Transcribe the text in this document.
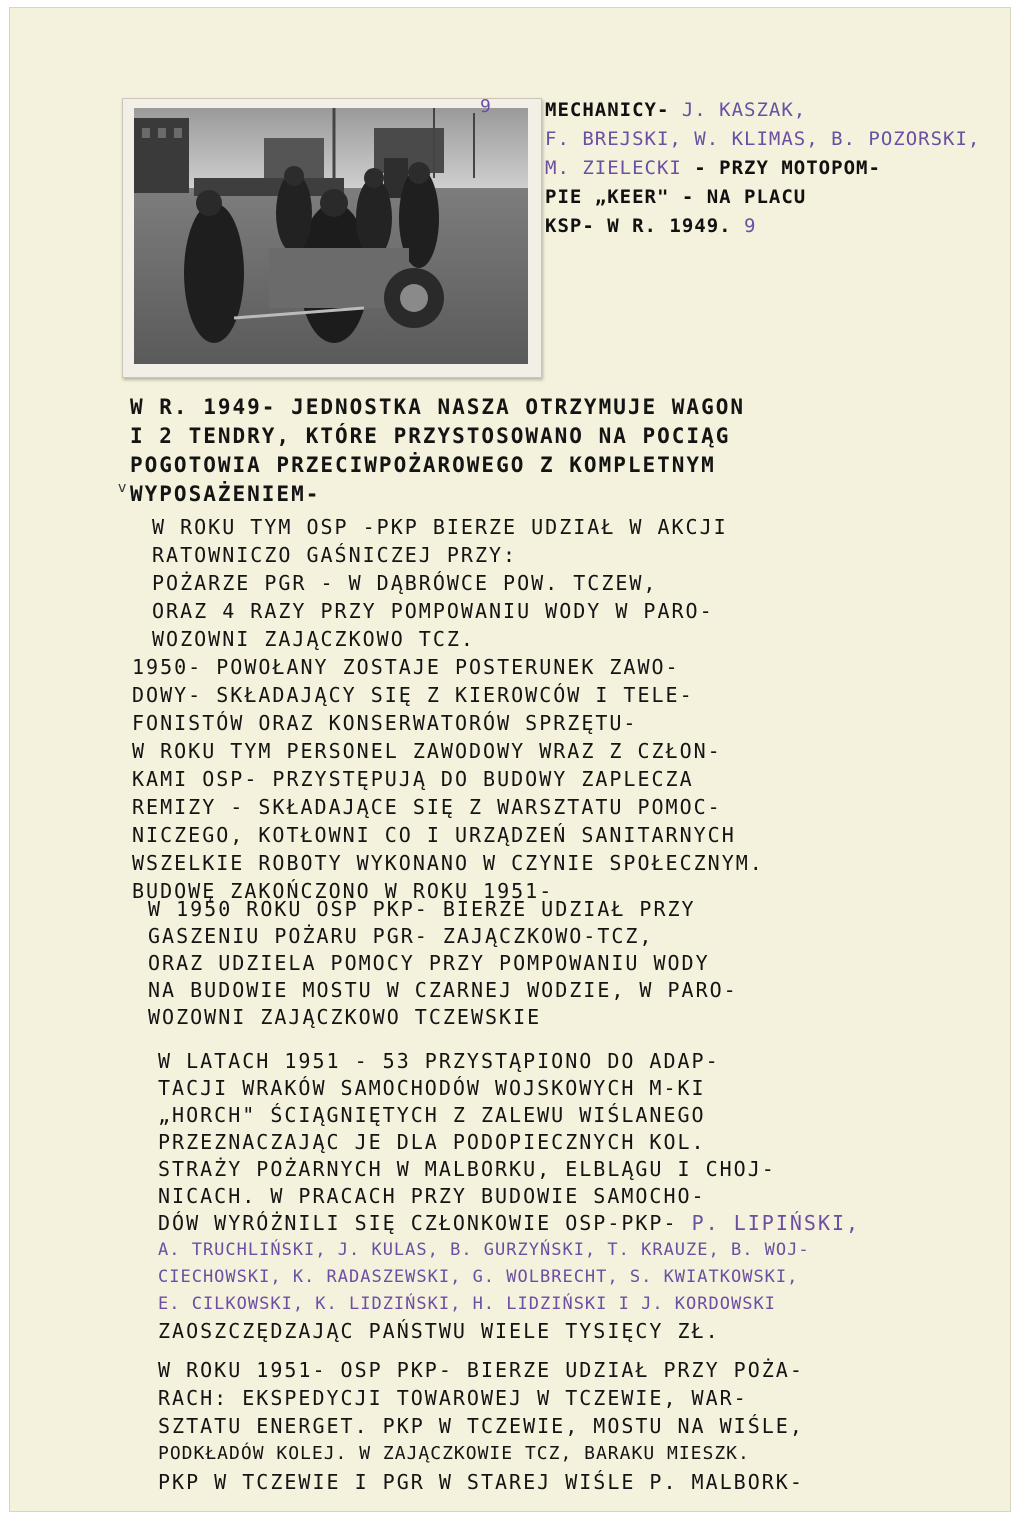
9	MECHANICY- J. KASZAK,
F. BREJSKI, W. KLIMAS, B. POZORSKI,
M. ZIELECKI - PRZY MOTOPOM-
PIE „KEER" - NA PLACU
KSP- W R. 1949. 9
v
W R. 1949- JEDNOSTKA NASZA OTRZYMUJE WAGON
I 2 TENDRY, KTÓRE PRZYSTOSOWANO NA POCIĄG
POGOTOWIA PRZECIWPOŻAROWEGO Z KOMPLETNYM
WYPOSAŻENIEM-
W ROKU TYM OSP -PKP BIERZE UDZIAŁ W AKCJI
RATOWNICZO GAŚNICZEJ PRZY:
POŻARZE PGR - W DĄBRÓWCE POW. TCZEW,
ORAZ 4 RAZY PRZY POMPOWANIU WODY W PARO-
WOZOWNI ZAJĄCZKOWO TCZ.
1950- POWOŁANY ZOSTAJE POSTERUNEK ZAWO-
DOWY- SKŁADAJĄCY SIĘ Z KIEROWCÓW I TELE-
FONISTÓW ORAZ KONSERWATORÓW SPRZĘTU-
W ROKU TYM PERSONEL ZAWODOWY WRAZ Z CZŁON-
KAMI OSP- PRZYSTĘPUJĄ DO BUDOWY ZAPLECZA
REMIZY - SKŁADAJĄCE SIĘ Z WARSZTATU POMOC-
NICZEGO, KOTŁOWNI CO I URZĄDZEŃ SANITARNYCH
WSZELKIE ROBOTY WYKONANO W CZYNIE SPOŁECZNYM.
BUDOWĘ ZAKOŃCZONO W ROKU 1951-
W 1950 ROKU OSP PKP- BIERZE UDZIAŁ PRZY
GASZENIU POŻARU PGR- ZAJĄCZKOWO-TCZ,
ORAZ UDZIELA POMOCY PRZY POMPOWANIU WODY
NA BUDOWIE MOSTU W CZARNEJ WODZIE, W PARO-
WOZOWNI ZAJĄCZKOWO TCZEWSKIE
W LATACH 1951 - 53 PRZYSTĄPIONO DO ADAP-
TACJI WRAKÓW SAMOCHODÓW WOJSKOWYCH M-KI
„HORCH" ŚCIĄGNIĘTYCH Z ZALEWU WIŚLANEGO
PRZEZNACZAJĄC JE DLA PODOPIECZNYCH KOL.
STRAŻY POŻARNYCH W MALBORKU, ELBLĄGU I CHOJ-
NICACH. W PRACACH PRZY BUDOWIE SAMOCHO-
DÓW WYRÓŻNILI SIĘ CZŁONKOWIE OSP-PKP- P. LIPIŃSKI,
A. TRUCHLIŃSKI, J. KULAS, B. GURZYŃSKI, T. KRAUZE, B. WOJ-
CIECHOWSKI, K. RADASZEWSKI, G. WOLBRECHT, S. KWIATKOWSKI,
E. CILKOWSKI, K. LIDZIŃSKI, H. LIDZIŃSKI I J. KORDOWSKI
ZAOSZCZĘDZAJĄC PAŃSTWU WIELE TYSIĘCY ZŁ.
W ROKU 1951- OSP PKP- BIERZE UDZIAŁ PRZY POŻA-
RACH: EKSPEDYCJI TOWAROWEJ W TCZEWIE, WAR-
SZTATU ENERGET. PKP W TCZEWIE, MOSTU NA WIŚLE,
PODKŁADÓW KOLEJ. W ZAJĄCZKOWIE TCZ, BARAKU MIESZK.
PKP W TCZEWIE I PGR W STAREJ WIŚLE P. MALBORK-
